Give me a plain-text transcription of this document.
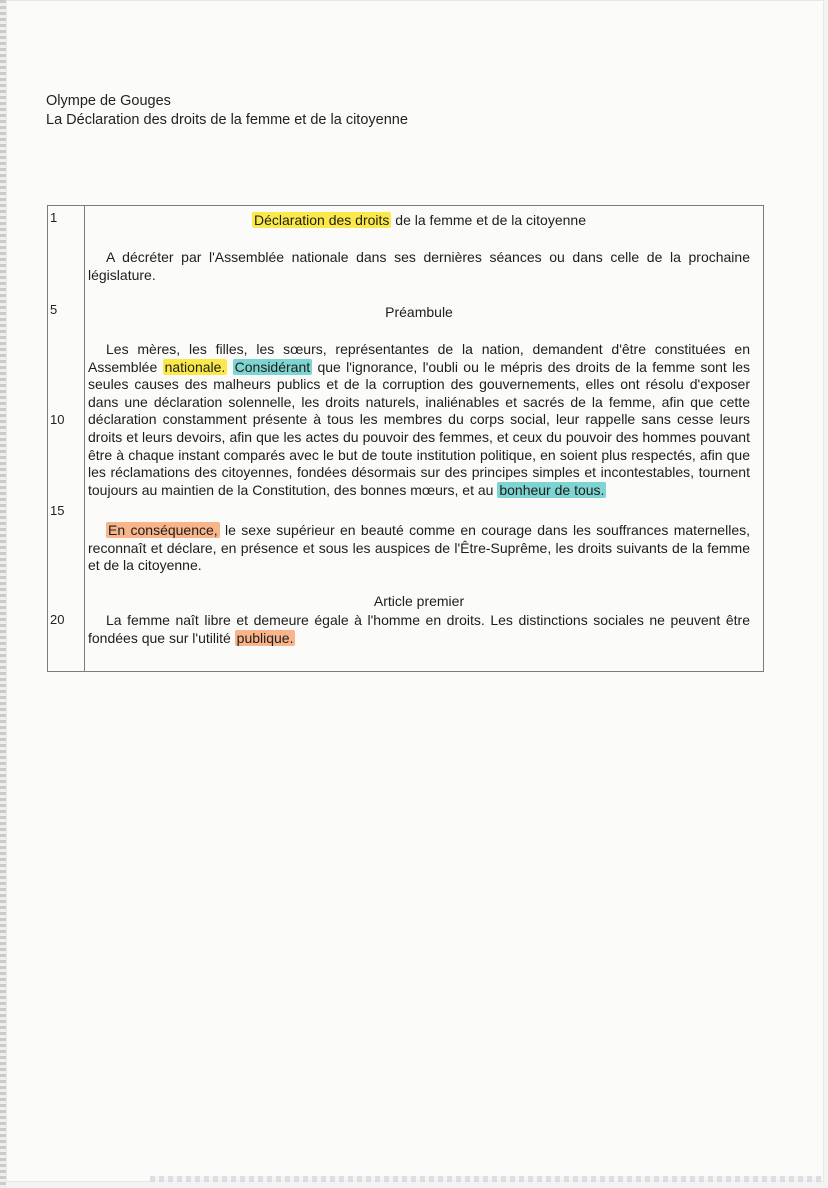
Olympe de Gouges
La Déclaration des droits de la femme et de la citoyenne
1
5
10
15
20
Déclaration des droits de la femme et de la citoyenne
A décréter par l'Assemblée nationale dans ses dernières séances ou dans celle de la prochaine législature.
Préambule
Les mères, les filles, les sœurs, représentantes de la nation, demandent d'être constituées en Assemblée nationale. Considérant que l'ignorance, l'oubli ou le mépris des droits de la femme sont les seules causes des malheurs publics et de la corruption des gouvernements, elles ont résolu d'exposer dans une déclaration solennelle, les droits naturels, inaliénables et sacrés de la femme, afin que cette déclaration constamment présente à tous les membres du corps social, leur rappelle sans cesse leurs droits et leurs devoirs, afin que les actes du pouvoir des femmes, et ceux du pouvoir des hommes pouvant être à chaque instant comparés avec le but de toute institution politique, en soient plus respectés, afin que les réclamations des citoyennes, fondées désormais sur des principes simples et incontestables, tournent toujours au maintien de la Constitution, des bonnes mœurs, et au bonheur de tous.
En conséquence, le sexe supérieur en beauté comme en courage dans les souffrances maternelles, reconnaît et déclare, en présence et sous les auspices de l'Être-Suprême, les droits suivants de la femme et de la citoyenne.
Article premier
La femme naît libre et demeure égale à l'homme en droits. Les distinctions sociales ne peuvent être fondées que sur l'utilité publique.
